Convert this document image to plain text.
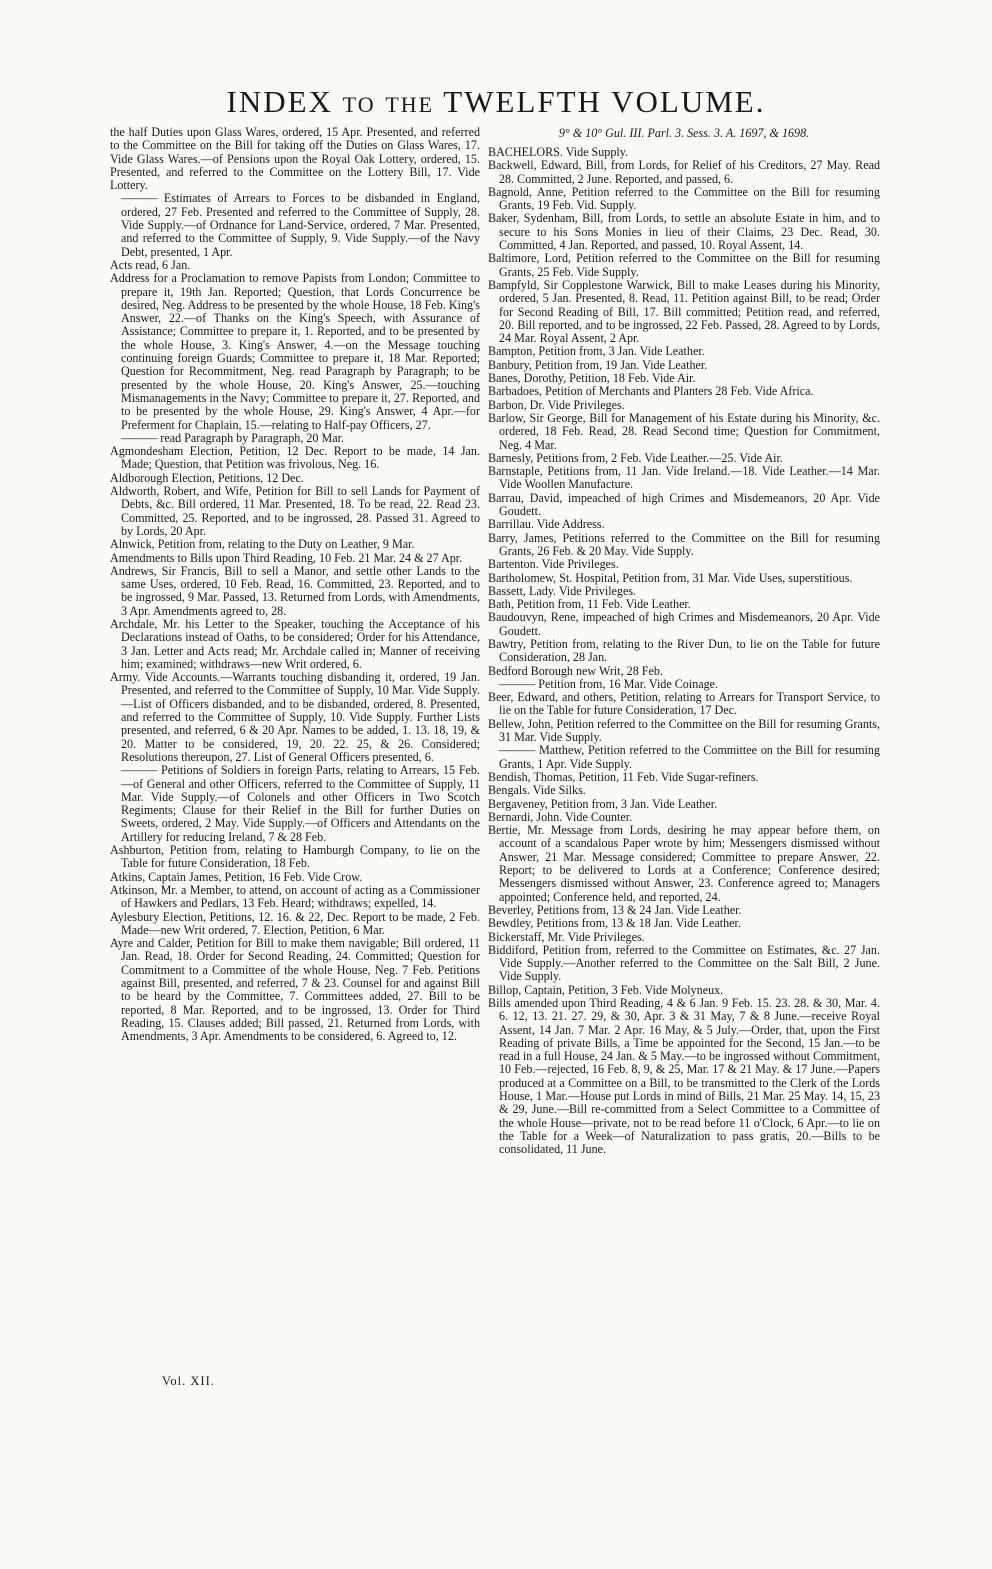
INDEX to the TWELFTH VOLUME.

the half Duties upon Glass Wares, ordered, 15 Apr. Presented, and referred to the Committee on the Bill for taking off the Duties on Glass Wares, 17. Vide Glass Wares.—of Pensions upon the Royal Oak Lottery, ordered, 15. Presented, and referred to the Committee on the Lottery Bill, 17. Vide Lottery.

——— Estimates of Arrears to Forces to be disbanded in England, ordered, 27 Feb. Presented and referred to the Committee of Supply, 28. Vide Supply.—of Ordnance for Land-Service, ordered, 7 Mar. Presented, and referred to the Committee of Supply, 9. Vide Supply.—of the Navy Debt, presented, 1 Apr.

Acts read, 6 Jan.

Address for a Proclamation to remove Papists from London; Committee to prepare it, 19th Jan. Reported; Question, that Lords Concurrence be desired, Neg. Address to be presented by the whole House, 18 Feb. King's Answer, 22.—of Thanks on the King's Speech, with Assurance of Assistance; Committee to prepare it, 1. Reported, and to be presented by the whole House, 3. King's Answer, 4.—on the Message touching continuing foreign Guards; Committee to prepare it, 18 Mar. Reported; Question for Recommitment, Neg. read Paragraph by Paragraph; to be presented by the whole House, 20. King's Answer, 25.—touching Mismanagements in the Navy; Committee to prepare it, 27. Reported, and to be presented by the whole House, 29. King's Answer, 4 Apr.—for Preferment for Chaplain, 15.—relating to Half-pay Officers, 27.

——— read Paragraph by Paragraph, 20 Mar.

Agmondesham Election, Petition, 12 Dec. Report to be made, 14 Jan. Made; Question, that Petition was frivolous, Neg. 16.

Aldborough Election, Petitions, 12 Dec.

Aldworth, Robert, and Wife, Petition for Bill to sell Lands for Payment of Debts, &c. Bill ordered, 11 Mar. Presented, 18. To be read, 22. Read 23. Committed, 25. Reported, and to be ingrossed, 28. Passed 31. Agreed to by Lords, 20 Apr.

Alnwick, Petition from, relating to the Duty on Leather, 9 Mar.

Amendments to Bills upon Third Reading, 10 Feb. 21 Mar. 24 & 27 Apr.

Andrews, Sir Francis, Bill to sell a Manor, and settle other Lands to the same Uses, ordered, 10 Feb. Read, 16. Committed, 23. Reported, and to be ingrossed, 9 Mar. Passed, 13. Returned from Lords, with Amendments, 3 Apr. Amendments agreed to, 28.

Archdale, Mr. his Letter to the Speaker, touching the Acceptance of his Declarations instead of Oaths, to be considered; Order for his Attendance, 3 Jan. Letter and Acts read; Mr. Archdale called in; Manner of receiving him; examined; withdraws—new Writ ordered, 6.

Army. Vide Accounts.—Warrants touching disbanding it, ordered, 19 Jan. Presented, and referred to the Committee of Supply, 10 Mar. Vide Supply.—List of Officers disbanded, and to be disbanded, ordered, 8. Presented, and referred to the Committee of Supply, 10. Vide Supply. Further Lists presented, and referred, 6 & 20 Apr. Names to be added, 1. 13. 18, 19, & 20. Matter to be considered, 19, 20. 22. 25, & 26. Considered; Resolutions thereupon, 27. List of General Officers presented, 6.

——— Petitions of Soldiers in foreign Parts, relating to Arrears, 15 Feb.—of General and other Officers, referred to the Committee of Supply, 11 Mar. Vide Supply.—of Colonels and other Officers in Two Scotch Regiments; Clause for their Relief in the Bill for further Duties on Sweets, ordered, 2 May. Vide Supply.—of Officers and Attendants on the Artillery for reducing Ireland, 7 & 28 Feb.

Ashburton, Petition from, relating to Hamburgh Company, to lie on the Table for future Consideration, 18 Feb.

Atkins, Captain James, Petition, 16 Feb. Vide Crow.

Atkinson, Mr. a Member, to attend, on account of acting as a Commissioner of Hawkers and Pedlars, 13 Feb. Heard; withdraws; expelled, 14.

Aylesbury Election, Petitions, 12. 16. & 22, Dec. Report to be made, 2 Feb. Made—new Writ ordered, 7. Election, Petition, 6 Mar.

Ayre and Calder, Petition for Bill to make them navigable; Bill ordered, 11 Jan. Read, 18. Order for Second Reading, 24. Committed; Question for Commitment to a Committee of the whole House, Neg. 7 Feb. Petitions against Bill, presented, and referred, 7 & 23. Counsel for and against Bill to be heard by the Committee, 7. Committees added, 27. Bill to be reported, 8 Mar. Reported, and to be ingrossed, 13. Order for Third Reading, 15. Clauses added; Bill passed, 21. Returned from Lords, with Amendments, 3 Apr. Amendments to be considered, 6. Agreed to, 12.

9° & 10° Gul. III. Parl. 3. Sess. 3. A. 1697, & 1698.

BACHELORS. Vide Supply.

Backwell, Edward, Bill, from Lords, for Relief of his Creditors, 27 May. Read 28. Committed, 2 June. Reported, and passed, 6.

Bagnold, Anne, Petition referred to the Committee on the Bill for resuming Grants, 19 Feb. Vid. Supply.

Baker, Sydenham, Bill, from Lords, to settle an absolute Estate in him, and to secure to his Sons Monies in lieu of their Claims, 23 Dec. Read, 30. Committed, 4 Jan. Reported, and passed, 10. Royal Assent, 14.

Baltimore, Lord, Petition referred to the Committee on the Bill for resuming Grants, 25 Feb. Vide Supply.

Bampfyld, Sir Copplestone Warwick, Bill to make Leases during his Minority, ordered, 5 Jan. Presented, 8. Read, 11. Petition against Bill, to be read; Order for Second Reading of Bill, 17. Bill committed; Petition read, and referred, 20. Bill reported, and to be ingrossed, 22 Feb. Passed, 28. Agreed to by Lords, 24 Mar. Royal Assent, 2 Apr.

Bampton, Petition from, 3 Jan. Vide Leather.

Banbury, Petition from, 19 Jan. Vide Leather.

Banes, Dorothy, Petition, 18 Feb. Vide Air.

Barbadoes, Petition of Merchants and Planters 28 Feb. Vide Africa.

Barbon, Dr. Vide Privileges.

Barlow, Sir George, Bill for Management of his Estate during his Minority, &c. ordered, 18 Feb. Read, 28. Read Second time; Question for Commitment, Neg. 4 Mar.

Barnesly, Petitions from, 2 Feb. Vide Leather.—25. Vide Air.

Barnstaple, Petitions from, 11 Jan. Vide Ireland.—18. Vide Leather.—14 Mar. Vide Woollen Manufacture.

Barrau, David, impeached of high Crimes and Misdemeanors, 20 Apr. Vide Goudett.

Barrillau. Vide Address.

Barry, James, Petitions referred to the Committee on the Bill for resuming Grants, 26 Feb. & 20 May. Vide Supply.

Bartenton. Vide Privileges.

Bartholomew, St. Hospital, Petition from, 31 Mar. Vide Uses, superstitious.

Bassett, Lady. Vide Privileges.

Bath, Petition from, 11 Feb. Vide Leather.

Baudouvyn, Rene, impeached of high Crimes and Misdemeanors, 20 Apr. Vide Goudett.

Bawtry, Petition from, relating to the River Dun, to lie on the Table for future Consideration, 28 Jan.

Bedford Borough new Writ, 28 Feb.

——— Petition from, 16 Mar. Vide Coinage.

Beer, Edward, and others, Petition, relating to Arrears for Transport Service, to lie on the Table for future Consideration, 17 Dec.

Bellew, John, Petition referred to the Committee on the Bill for resuming Grants, 31 Mar. Vide Supply.

——— Matthew, Petition referred to the Committee on the Bill for resuming Grants, 1 Apr. Vide Supply.

Bendish, Thomas, Petition, 11 Feb. Vide Sugar-refiners.

Bengals. Vide Silks.

Bergaveney, Petition from, 3 Jan. Vide Leather.

Bernardi, John. Vide Counter.

Bertie, Mr. Message from Lords, desiring he may appear before them, on account of a scandalous Paper wrote by him; Messengers dismissed without Answer, 21 Mar. Message considered; Committee to prepare Answer, 22. Report; to be delivered to Lords at a Conference; Conference desired; Messengers dismissed without Answer, 23. Conference agreed to; Managers appointed; Conference held, and reported, 24.

Beverley, Petitions from, 13 & 24 Jan. Vide Leather.

Bewdley, Petitions from, 13 & 18 Jan. Vide Leather.

Bickerstaff, Mr. Vide Privileges.

Biddiford, Petition from, referred to the Committee on Estimates, &c. 27 Jan. Vide Supply.—Another referred to the Committee on the Salt Bill, 2 June. Vide Supply.

Billop, Captain, Petition, 3 Feb. Vide Molyneux.

Bills amended upon Third Reading, 4 & 6 Jan. 9 Feb. 15. 23. 28. & 30, Mar. 4. 6. 12, 13. 21. 27. 29, & 30, Apr. 3 & 31 May, 7 & 8 June.—receive Royal Assent, 14 Jan. 7 Mar. 2 Apr. 16 May, & 5 July.—Order, that, upon the First Reading of private Bills, a Time be appointed for the Second, 15 Jan.—to be read in a full House, 24 Jan. & 5 May.—to be ingrossed without Commitment, 10 Feb.—rejected, 16 Feb. 8, 9, & 25, Mar. 17 & 21 May. & 17 June.—Papers produced at a Committee on a Bill, to be transmitted to the Clerk of the Lords House, 1 Mar.—House put Lords in mind of Bills, 21 Mar. 25 May. 14, 15, 23 & 29, June.—Bill re-committed from a Select Committee to a Committee of the whole House—private, not to be read before 11 o'Clock, 6 Apr.—to lie on the Table for a Week—of Naturalization to pass gratis, 20.—Bills to be consolidated, 11 June.

Vol. XII.
